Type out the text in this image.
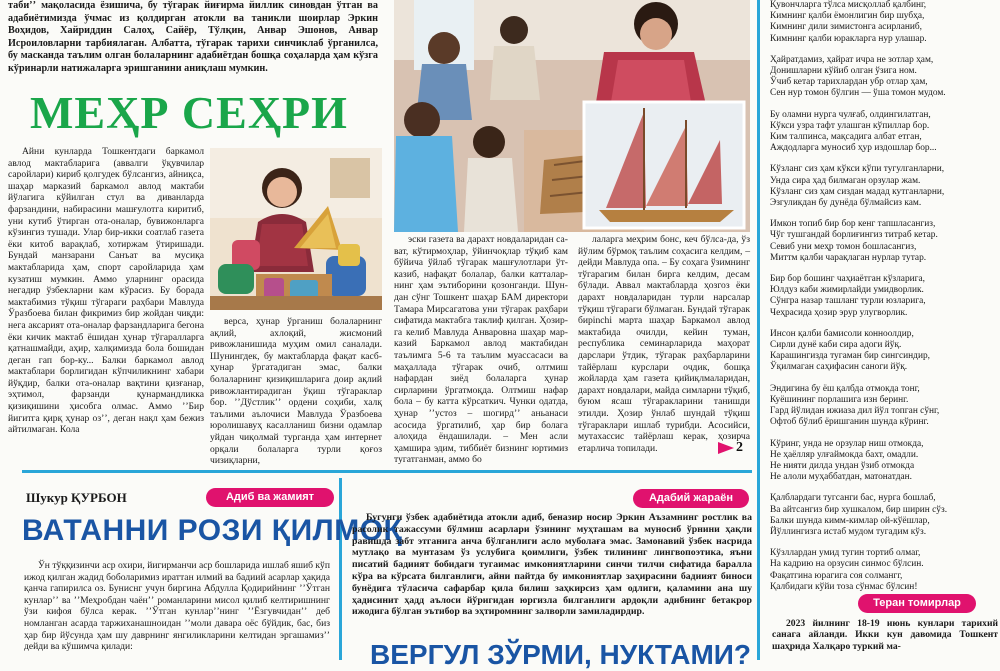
табиʼʼ мақоласида ёзишича, бу тўгарак йиғирма йиллик синовдан ўтган ва адабиётимизда ўчмас из қолдирган атокли ва таникли шоирлар Эркин Воҳидов, Хайриддин Салоҳ, Сайёр, Тўлқин, Анвар Эшонов, Анвар Исроиловларни тарбиялаган. Албатта, тўгарак тарихи синчиклаб ўрганилса, бу масканда таълим олган болаларнинг адабиётдан бошқа соҳаларда ҳам кўзга кўринарли натижаларга эришганини аниқлаш мумкин.
МЕҲР СЕҲРИ

Айни кунларда Тошкентдаги баркамол авлод мактабларига (аввалги ўқувчилар саройлари) кириб қолгудек бўлсангиз, айниқса, шаҳар марказий баркамол авлод мактаби йўлагига кўйилган стул ва диванларда фарзандини, набирасини машғулотга киритиб, уни кутиб ўтирган ота-оналар, бувижонларга кўзингиз тушади. Улар бир-икки соатлаб газета ёки китоб варақлаб, хотиржам ўтиришади. Бундай манзарани Санъат ва мусиқа мактабларида ҳам, спорт саройларида ҳам кузатиш мумкин. Аммо уларнинг орасида негадир ўзбекларни кам кўрасиз. Бу борада мактабимиз тўқиш тўгараги раҳбари Мавлуда Ўразбоева билан фикримиз бир жойдан чиқди: нега аксарият ота-оналар фарзандларига бегона ёки кичик мактаб ёшидан ҳунар тўгаралларга қатнашмайди, аҳир, халқимизда бола бошидан деган гап бор-ку... Балки баркамол авлод мактаблари борлигидан кўпчиликнинг хабари йўқдир, балки ота-оналар вақтини қизғанар, эҳтимол, фарзанди қунармандликка қизиқишини ҳисобга олмас. Аммо ʼʼБир йигитга қирқ ҳунар озʼʼ, деган нақл ҳам бежиз айтилмаган. Кола

верса, ҳунар ўрганиш болаларнинг ақлий, ахлоқий, жисмоний ривожланишида муҳим омил саналади. Шунингдек, бу мактабларда фақат касб-ҳунар ўргатадиган эмас, балки болаларнинг қизиқишларига доир ақлий ривожлантирадиган ўқиш тўгараклар бор. ʼʼДўстликʼʼ ордени соҳиби, халқ таълими аълочиси Мавлуда Ўразбоева юролишавуҳ касалланиш бизни одамлар уйдан чиқолмай турганда ҳам интернет орқали болаларга турли қоғоз чизиқларни,

эски газета ва дарахт новдаларидан сават, кўтирмоҳлар, ўйинчоқлар тўқиб кам бўйича ўйлаб тўгарак машғулотлари ўткaзиб, нафақат болалар, балки катталарнинг ҳам эътиборини қозонганди. Шундан сўнг Тошкент шаҳар БАМ директори Тамара Мирсагатова уни тўгарак раҳбари сифатида мактабга таклиф қилган. Ҳозирга келиб Мавлуда Анваровна шаҳар марказий Баркамол авлод мактабидан таълимга 5-6 та таълим муассасаси ва маҳаллада тўгарак очиб, олтмиш нафардан зиёд болаларга ҳунар сирларини ўргатмоқда. Олтмиш нафар бола – бу катта кўрсаткич. Чунки одатда, ҳунар ʼʼустоз – шогирдʼʼ аньанаси асосида ўргатилиб, ҳар бир болага алоҳида ёндашилади. – Мен асли ҳамшира эдим, тиббиёт бизнинг юртимиз тугатганман, аммо бо

лаларга меҳрим бонс, кеч бўлса-да, ўз йўлим бўрмоқ таълим соҳасига келдим, – дейди Мавлуда опа. – Бу соҳага ўзимнинг тўгарагим билан бирга келдим, десам бўлади. Аввал мактабларда ҳозгоз ёки дарахт новдаларидан турли нарсалар тўқиш тўгараги бўлмаган. Бундай тўгарак бирinchi марта шаҳар Баркамол авлод мактабида очилди, кейин туман, республика семинарларида маҳорат дарслари ўтдик, тўгарак раҳбарларини тайёрлаш курслари очдик, бошқа жойларда ҳам газета қийиқлмаларидан, дарахт новдалари, майда симларни тўқиб, буюм ясаш тўгаракларини танишди этилди. Ҳозир ўнлаб шундай тўқиш тўгараклари ишлаб турибди. Асосийси, мутахассис тайёрлаш керак, ҳозирча етарлича топилади.	2
Қувончларга тўлса мисқоллаб қалбинг,
Кимнинг қалби ёмонлигин бир шубҳа,
Кимнинг дили зимистонга асирланиб,
Кимнинг қалби юракларга нур улашар.
Ҳайратдамиз, ҳайрат ичра не зотлар ҳам,
Донишларни кўйиб олган ўзига ном.
Ўчиб кетар тарихлардан убр отлар ҳам,
Сен нур томон бўлгин — ўша томон мудом.
Бу оламни нурга чулғаб, олдингилатган,
Кўкси узра тафт улашган кўпиллар бор.
Ким талпинса, мақсадига албат етган,
Аждодларга муносиб ҳур издошлар бор...
Кўзланг сиз ҳам кўкси кўпи тугулганларни,
Унда сира ҳад билмаган орзулар жам.
Кўзланг сиз ҳам сиздан мадад кутганларни,
Эзгуликдан бу дунёда бўлмайсиз кам.
Имкон топиб бир бор кенг тапшласангиз,
Чўг тушгандай борлиғингиз титраб кетар.
Севиб уни меҳр томон бошласангиз,
Миттм қалби чарақлаган нурлар тутар.
Бир бор бошинг чаҳиаётган кўзларига,
Юлдуз каби жимирлайди умидворлик.
Сўнгра назар ташланг турли юзларига,
Чеҳрасида ҳозир эрур улугворлик.
Инсон қалби бамисоли конноолдир,
Сирли дунё каби сира адоги йўқ.
Карашингизда тугаман бир сингсиндир,
Ўқилмаган саҳифасин санoги йўқ.
Эндигина бу ёш қалбда отмокда тонг,
Куёшининг порлашига изн беринг.
Гард йўлидан ижиаза дил йўл топган сўнг,
Офтоб бўлиб ёришганин шунда кўринг.
Кўринг, унда не орзулар ниш отмокда,
Не ҳаёлляр улғаймокда бахт, омадли.
Не нияти дилда ундан ўзиб отмокда
Не алоли муҳаббатдан, матонатдан.
Қалблардаги тугсанги бас, нурга бошлаб,
Ва айтсангиз бир хушкалом, бир ширин сўз.
Балки шунда кимм-кимлар ой-кўёшлар,
Йўллингизга истаб мудом тугадим кўз.
Кўзллардан умид тугин тортиб олмаг,
На кадрию на орзусин синмос бўлсин.
Фақатгина юрагига соя солмангг,
Қалбидаги кўйи тоза сўнмас бўлсин!
Шукур ҚУРБОН	Адиб ва жамият
ВАТАННИ РОЗИ ҚИЛМОҚ

Ўн тўққизинчи аср охири, йигирманчи аср бошларида ишлаб яшиб кўп ижод қилган жадид боболаримиз ираттан илмий ва бадиий асарлар ҳақида қанча гапирилса оз. Буниснг учун биргина Абдулла Қодирийнинг ʼʼЎтган кунларʼʼ ва ʼʼМеҳробдан чаёнʼʼ романларини мисол қилиб келтиришнинг ўзи кифоя бўлса керак. ʼʼЎтган кунларʼʼнинг ʼʼЁзгувчиданʼʼ деб номланган асарда таржиханашноидан ʼʼмоли давара оёс бўйдик, бас, биз ҳар бир йўсунда ҳам шу даврнинг янгиликларини келтидан эргашамизʼʼ дейди ва кўшимча қилади:

Адабий жараён

Бугунги ўзбек адабиётида атокли адиб, бенaзир носир Эркин Аъзамнинг ростлик ва расолик тажассуми бўлмиш асарлари ўзининг муҳташам ва муносиб ўрнини ҳақли равишда забт этганига анча бўлганлиги асло муболаға эмас. Замонавий ўзбек насрида мутлақо ва мунтазам ўз услубига қоимлиги, ўзбек тилининг лингвопоэтика, яъни писатий бадиият бобидаги тугаимас имкониятларини синчи тилчи сифатида баралла кўра ва кўрсата билганлиги, айни пайтда бу имкониятлар заҳирасини бадиият биноси бунёдига тўласича сафарбар қила билиш заҳкирсиз ҳам одлиги, қаламини ана шу ҳадисинит ҳадд аълоси йўригидан юргизла билганлиги ардоқли адибнинг бетакрор ижодига бўлган эътибор ва эҳтиромнинг залворли замиладирдир.

ВЕРГУЛ ЗЎРМИ, НУКТАМИ?
Теран томирлар

2023 йилнинг 18-19 июнь кунлари тарихий санага айланди. Икки кун давомида Тошкент шаҳрида Халқаро туркий ма-
